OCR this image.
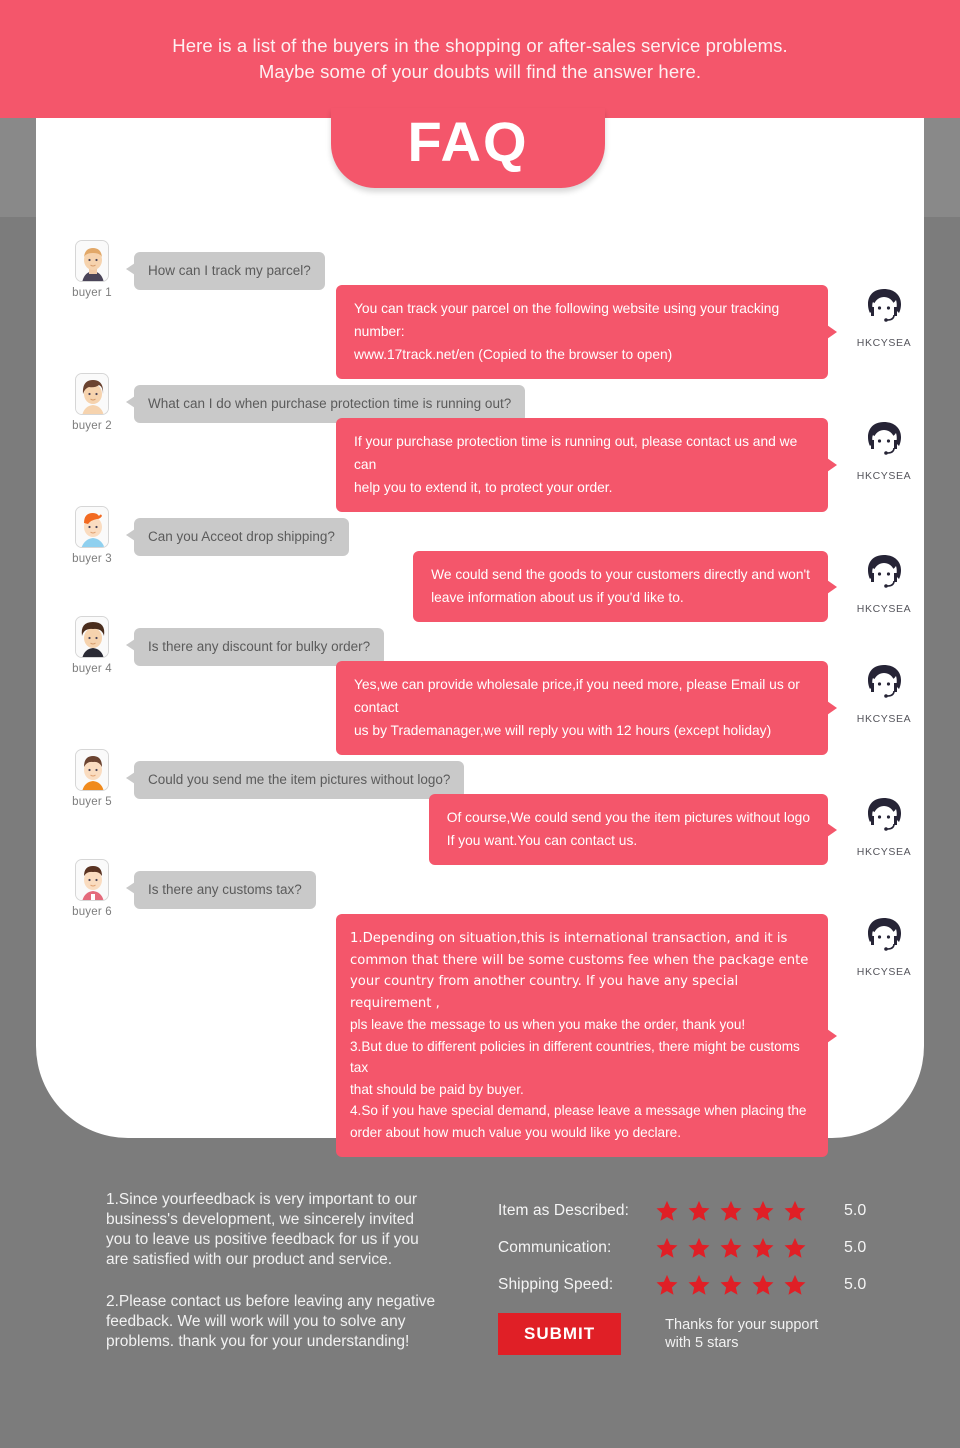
Here is a list of the buyers in the shopping or after-sales service problems.
Maybe some of your doubts will find the answer here.
FAQ
buyer 1
How can I track my parcel?

You can track your parcel on the following website using your tracking number:

www.17track.net/en (Copied to the browser to open)

HKCYSEA
buyer 2
What can I do when purchase protection time is running out?

If your purchase protection time is running out, please contact us and we can

help you to extend it, to protect your order.

HKCYSEA
buyer 3
Can you Acceot drop shipping?

We could send the goods to your customers directly and won't

leave information about us if you'd like to.

HKCYSEA
buyer 4
Is there any discount for bulky order?

Yes,we can provide wholesale price,if you need more, please Email us or contact

us by Trademanager,we will reply you with 12 hours (except holiday)

HKCYSEA
buyer 5
Could you send me the item pictures without logo?

Of course,We could send you the item pictures without logo

If you want.You can contact us.

HKCYSEA
buyer 6
Is there any customs tax?

1.Depending on situation,this is international transaction, and it is common that there will be some customs fee when the package ente your country from another country. If you have any special requirement ,

pls leave the message to us when you make the order, thank you!

3.But due to different policies in different countries, there might be customs tax

that should be paid by buyer.

4.So if you have special demand, please leave a message when placing the

order about how much value you would like yo declare.

HKCYSEA

1.Since yourfeedback is very important to our business's development, we sincerely invited you to leave us positive feedback for us if you are satisfied with our product and service.

2.Please contact us before leaving any negative feedback. We will work will you to solve any problems. thank you for your understanding!

Item as Described:	5.0
Communication:	5.0
Shipping Speed:	5.0
SUBMIT	Thanks for your support
with 5 stars
